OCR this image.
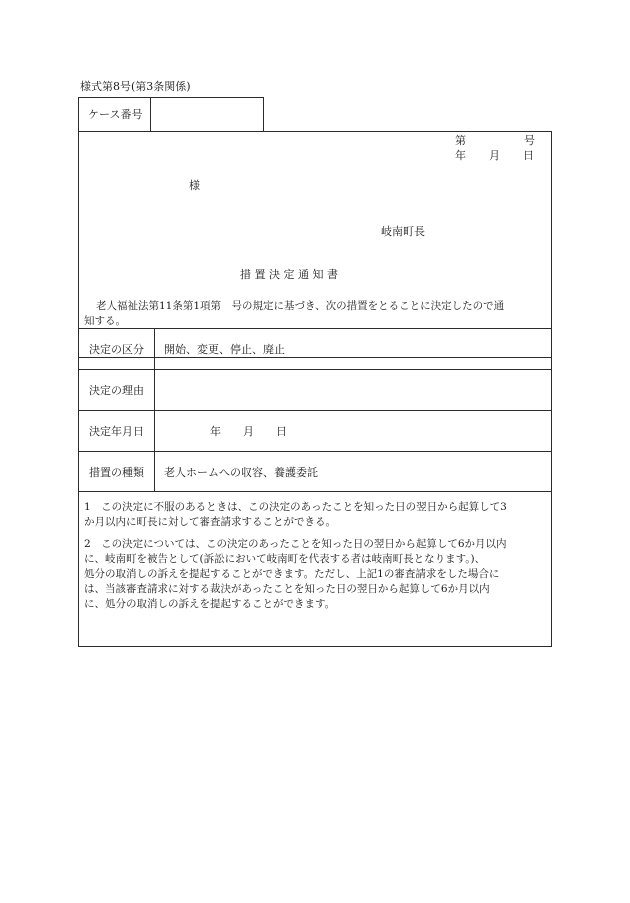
様式第8号(第3条関係)
ケース番号
第	号
年 月 日
様
岐南町長
措 置 決 定 通 知 書
老人福祉法第11条第1項第　号の規定に基づき、次の措置をとることに決定したので通
知する。
決定の区分 開始、変更、停止、廃止
決定の理由
決定年月日	年　　月　　日
措置の種類 老人ホームへの収容、養護委託
1　この決定に不服のあるときは、この決定のあったことを知った日の翌日から起算して3
か月以内に町長に対して審査請求することができる。
2　この決定については、この決定のあったことを知った日の翌日から起算して6か月以内
に、岐南町を被告として(訴訟において岐南町を代表する者は岐南町長となります。)、
処分の取消しの訴えを提起することができます。ただし、上記1の審査請求をした場合に
は、当該審査請求に対する裁決があったことを知った日の翌日から起算して6か月以内
に、処分の取消しの訴えを提起することができます。
